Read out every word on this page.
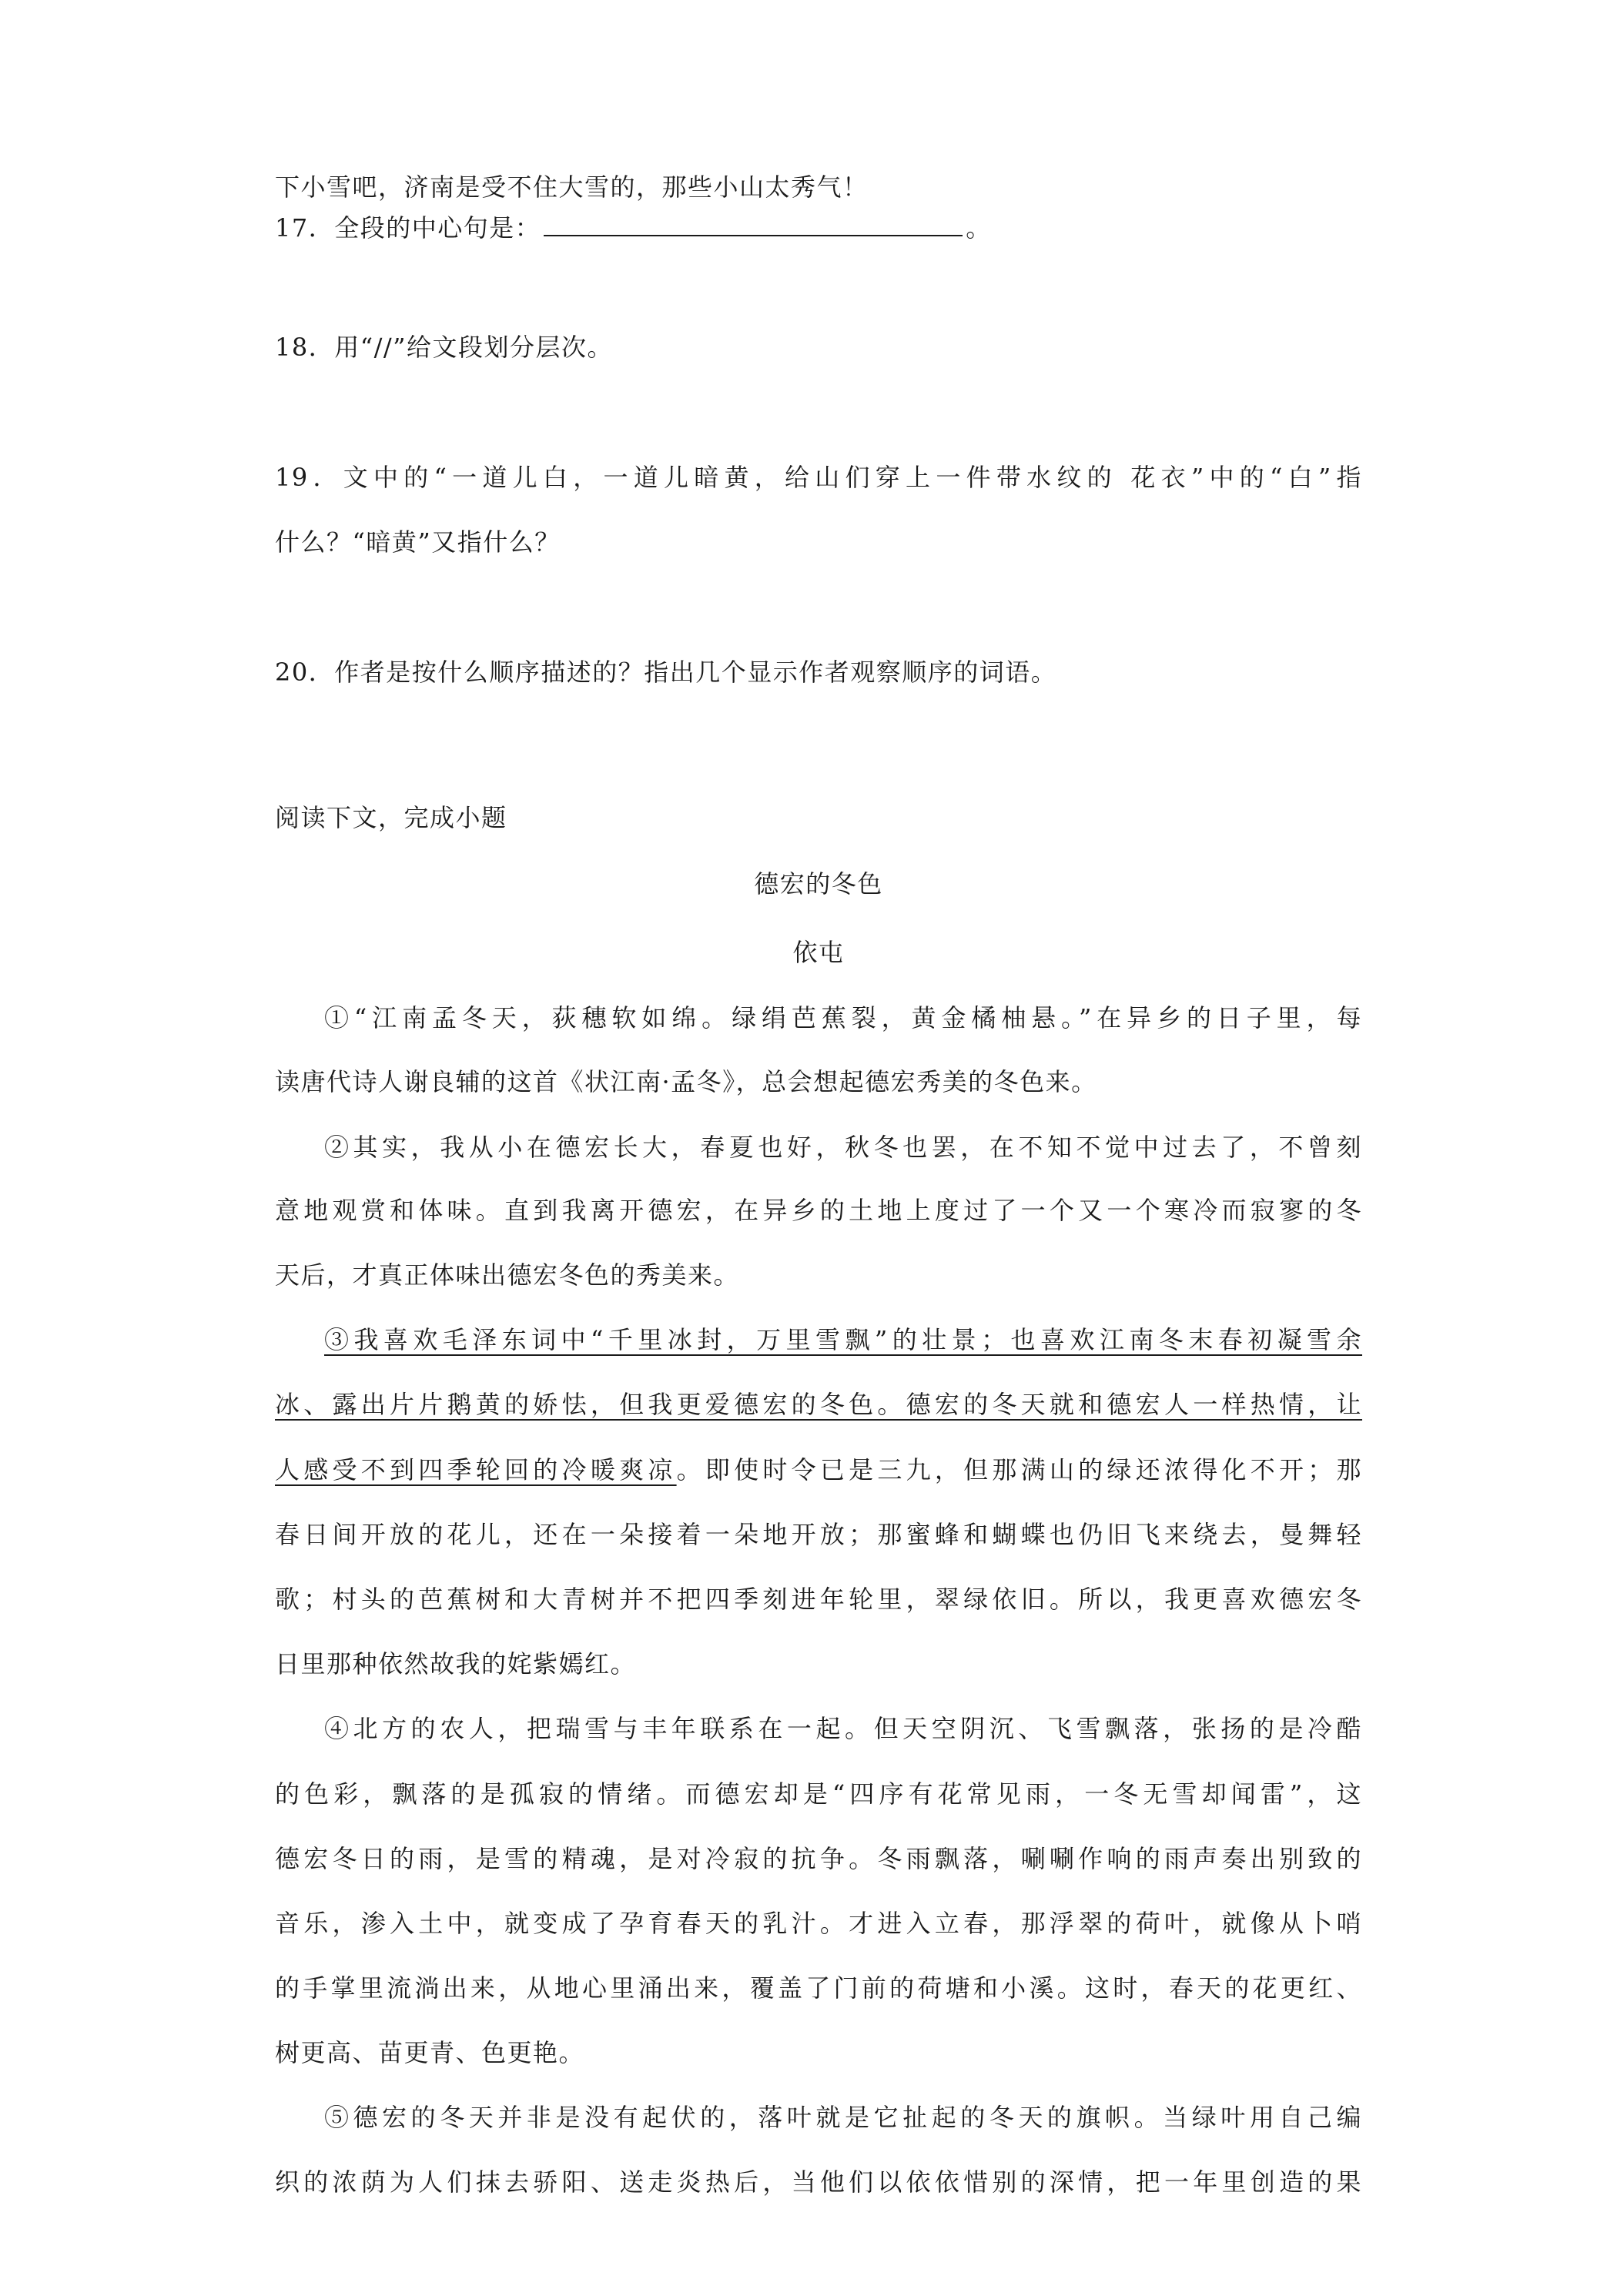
下小雪吧，济南是受不住大雪的，那些小山太秀气！
17．全段的中心句是：	。
18．用“//”给文段划分层次。
19．文中的“一道儿白，一道儿暗黄，给山们穿上一件带水纹的 花衣”中的“白”指
什么？“暗黄”又指什么？
20．作者是按什么顺序描述的？指出几个显示作者观察顺序的词语。
阅读下文，完成小题
德宏的冬色
依屯
①“江南孟冬天，荻穗软如绵。绿绢芭蕉裂，黄金橘柚悬。”在异乡的日子里，每
读唐代诗人谢良辅的这首《状江南·孟冬》，总会想起德宏秀美的冬色来。
②其实，我从小在德宏长大，春夏也好，秋冬也罢，在不知不觉中过去了，不曾刻
意地观赏和体味。直到我离开德宏，在异乡的土地上度过了一个又一个寒冷而寂寥的冬
天后，才真正体味出德宏冬色的秀美来。
③我喜欢毛泽东词中“千里冰封，万里雪飘”的壮景；也喜欢江南冬末春初凝雪余
冰、露出片片鹅黄的娇怯，但我更爱德宏的冬色。德宏的冬天就和德宏人一样热情，让
人感受不到四季轮回的冷暖爽凉。即使时令已是三九，但那满山的绿还浓得化不开；那
春日间开放的花儿，还在一朵接着一朵地开放；那蜜蜂和蝴蝶也仍旧飞来绕去，曼舞轻
歌；村头的芭蕉树和大青树并不把四季刻进年轮里，翠绿依旧。所以，我更喜欢德宏冬
日里那种依然故我的姹紫嫣红。
④北方的农人，把瑞雪与丰年联系在一起。但天空阴沉、飞雪飘落，张扬的是冷酷
的色彩，飘落的是孤寂的情绪。而德宏却是“四序有花常见雨，一冬无雪却闻雷”，这
德宏冬日的雨，是雪的精魂，是对冷寂的抗争。冬雨飘落，唰唰作响的雨声奏出别致的
音乐，渗入土中，就变成了孕育春天的乳汁。才进入立春，那浮翠的荷叶，就像从卜哨
的手掌里流淌出来，从地心里涌出来，覆盖了门前的荷塘和小溪。这时，春天的花更红、
树更高、苗更青、色更艳。
⑤德宏的冬天并非是没有起伏的，落叶就是它扯起的冬天的旗帜。当绿叶用自己编
织的浓荫为人们抹去骄阳、送走炎热后，当他们以依依惜别的深情，把一年里创造的果
